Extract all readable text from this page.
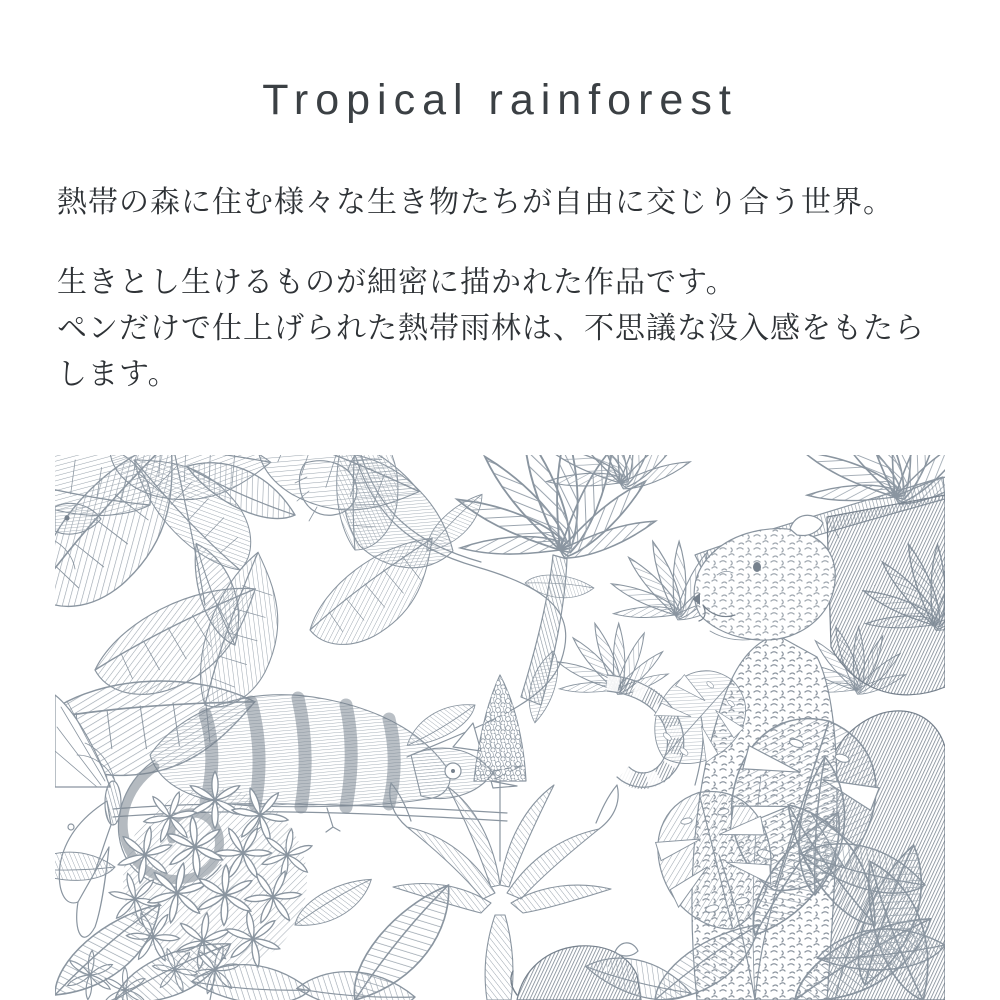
Tropical rainforest

熱帯の森に住む様々な生き物たちが自由に交じり合う世界。

生きとし生けるものが細密に描かれた作品です。
ペンだけで仕上げられた熱帯雨林は、不思議な没入感をもたら
します。
